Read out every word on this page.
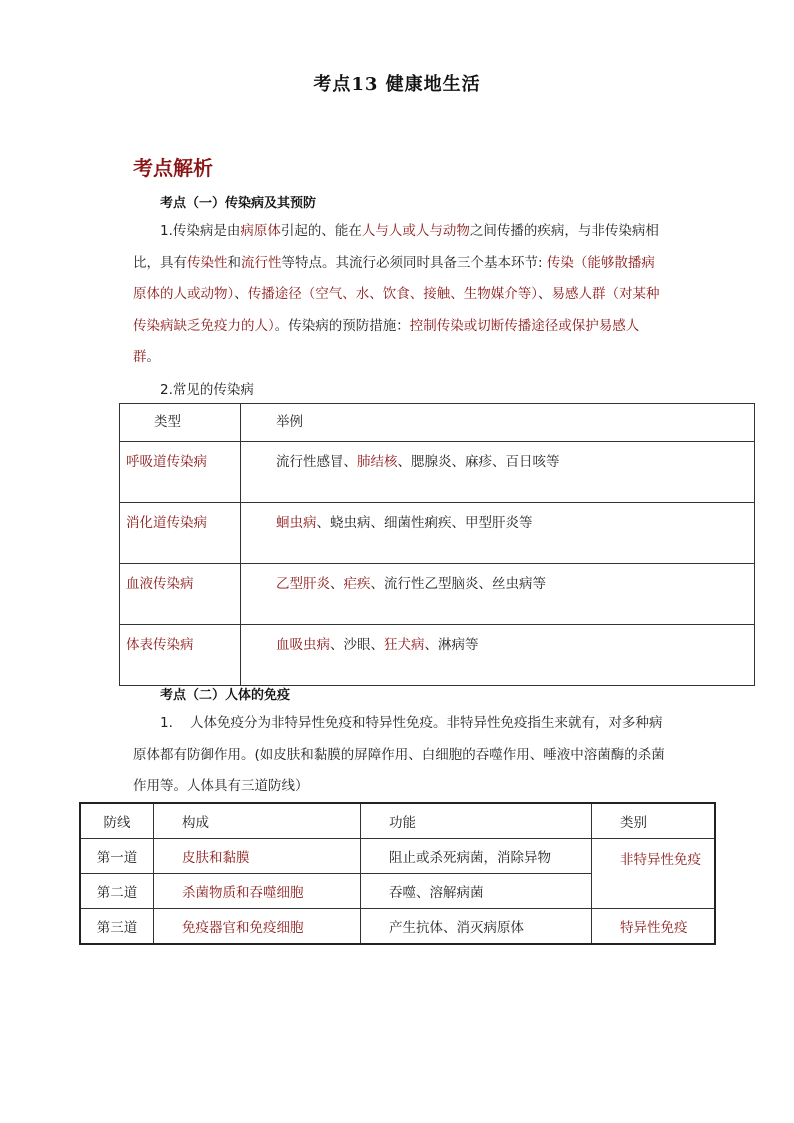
考点13 健康地生活
考点解析
考点（一）传染病及其预防
1.传染病是由病原体引起的、能在人与人或人与动物之间传播的疾病，与非传染病相比，具有传染性和流行性等特点。其流行必须同时具备三个基本环节: 传染（能够散播病原体的人或动物）、传播途径（空气、水、饮食、接触、生物媒介等）、易感人群（对某种传染病缺乏免疫力的人）。传染病的预防措施：控制传染或切断传播途径或保护易感人群。
2.常见的传染病
类型	举例
呼吸道传染病	流行性感冒、肺结核、腮腺炎、麻疹、百日咳等
消化道传染病	蛔虫病、蛲虫病、细菌性痢疾、甲型肝炎等
血液传染病	乙型肝炎、疟疾、流行性乙型脑炎、丝虫病等
体表传染病	血吸虫病、沙眼、狂犬病、淋病等
考点（二）人体的免疫
1.    人体免疫分为非特异性免疫和特异性免疫。非特异性免疫指生来就有，对多种病原体都有防御作用。(如皮肤和黏膜的屏障作用、白细胞的吞噬作用、唾液中溶菌酶的杀菌作用等。人体具有三道防线）
防线	构成	功能	类别
第一道	皮肤和黏膜	阻止或杀死病菌，消除异物	非特异性免疫
第二道	杀菌物质和吞噬细胞	吞噬、溶解病菌	
第三道	免疫器官和免疫细胞	产生抗体、消灭病原体	特异性免疫
